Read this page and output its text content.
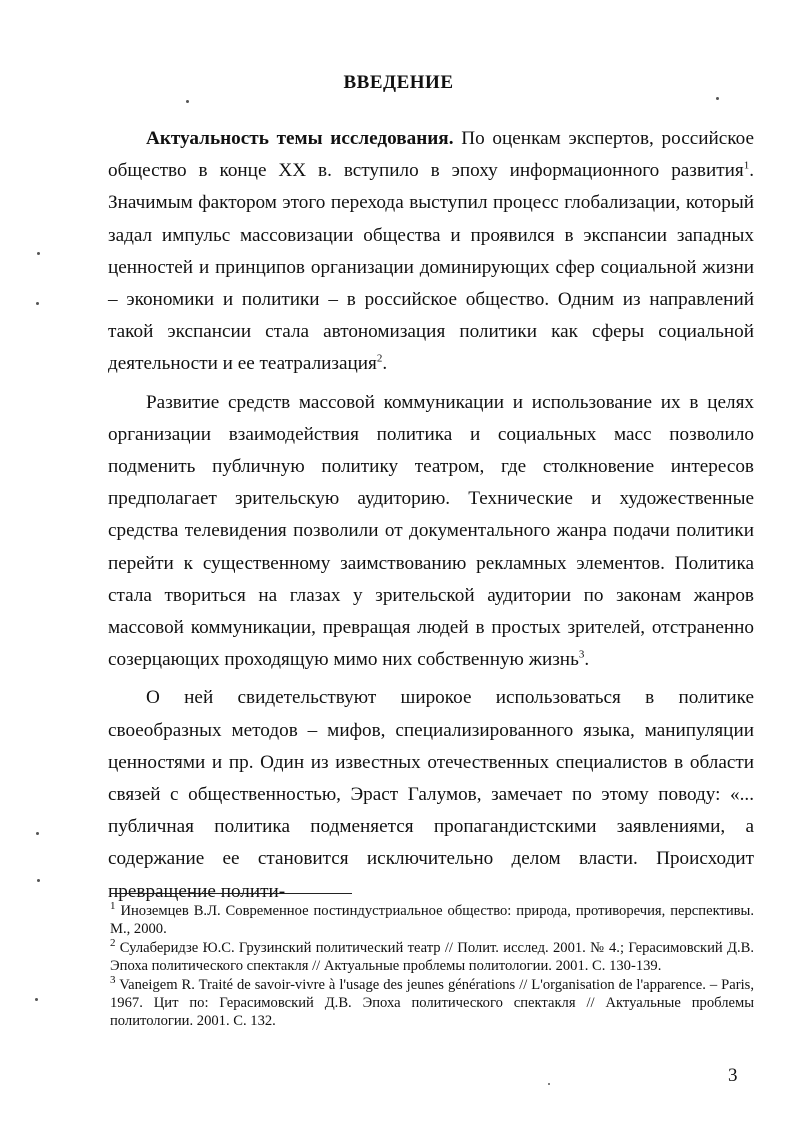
ВВЕДЕНИЕ

Актуальность темы исследования. По оценкам экспертов, российское общество в конце XX в. вступило в эпоху информационного развития$^1$. Значимым фактором этого перехода выступил процесс глобализации, который задал импульс массовизации общества и проявился в экспансии западных ценностей и принципов организации доминирующих сфер социальной жизни – экономики и политики – в российское общество. Одним из направлений такой экспансии стала автономизация политики как сферы социальной деятельности и ее театрализация$^2$.

Развитие средств массовой коммуникации и использование их в целях организации взаимодействия политика и социальных масс позволило подменить публичную политику театром, где столкновение интересов предполагает зрительскую аудиторию. Технические и художественные средства телевидения позволили от документального жанра подачи политики перейти к существенному заимствованию рекламных элементов. Политика стала твориться на глазах у зрительской аудитории по законам жанров массовой коммуникации, превращая людей в простых зрителей, отстраненно созерцающих проходящую мимо них собственную жизнь$^3$.

О ней свидетельствуют широкое использоваться в политике своеобразных методов – мифов, специализированного языка, манипуляции ценностями и пр. Один из известных отечественных специалистов в области связей с общественностью, Эраст Галумов, замечает по этому поводу: «... публичная политика подменяется пропагандистскими заявлениями, а содержание ее становится исключительно делом власти. Происходит превращение полити-

$^1$ Иноземцев В.Л. Современное постиндустриальное общество: природа, противоречия, перспективы. М., 2000.

$^2$ Сулаберидзе Ю.С. Грузинский политический театр // Полит. исслед. 2001. № 4.; Герасимовский Д.В. Эпоха политического спектакля // Актуальные проблемы политологии. 2001. С. 130-139.

$^3$ Vaneigem R. Traité de savoir-vivre à l'usage des jeunes générations // L'organisation de l'apparence. – Paris, 1967. Цит по: Герасимовский Д.В. Эпоха политического спектакля // Актуальные проблемы политологии. 2001. С. 132.

3
